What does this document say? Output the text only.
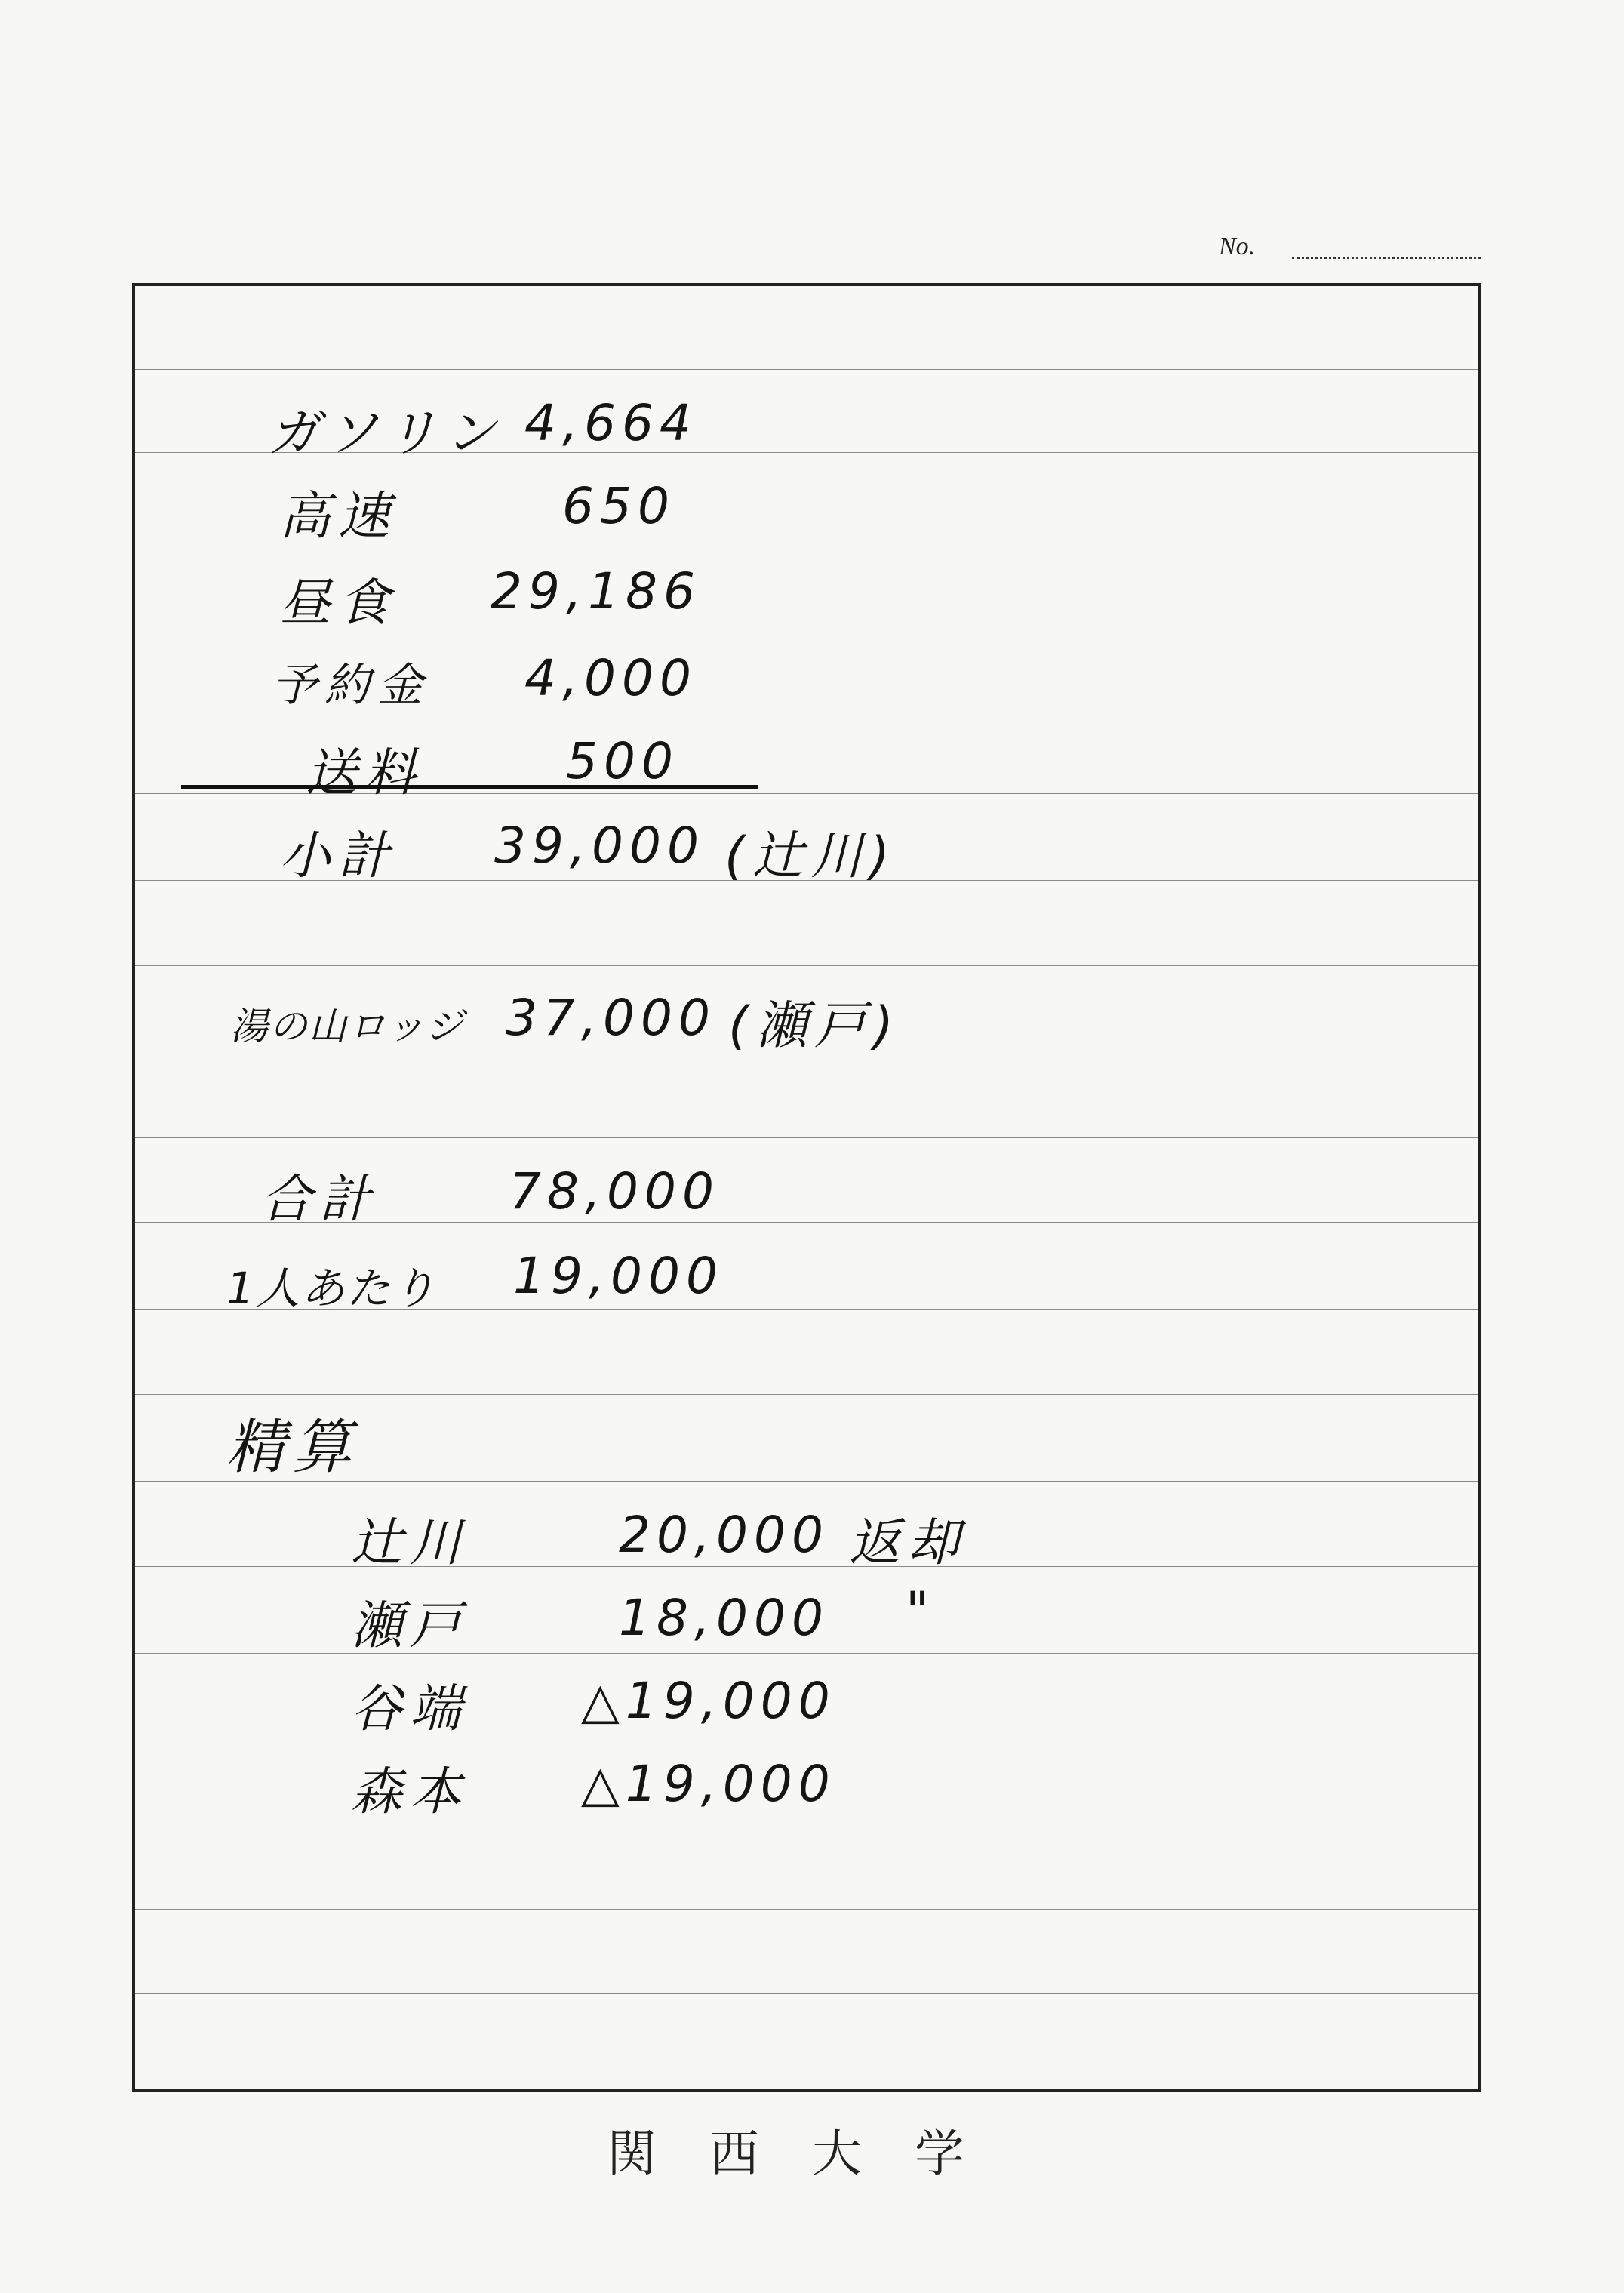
No.
ガソリン 4,664
高速	650
昼食 29,186
予約金 4,000
送料	500
小計 39,000 (辻川)
湯の山ロッジ 37,000 (瀬戸)
合計	78,000
1人あたり 19,000
精算
辻川	20,000 返却
瀬戸	18,000 "
谷端 △19,000
森本 △19,000
関西大学
